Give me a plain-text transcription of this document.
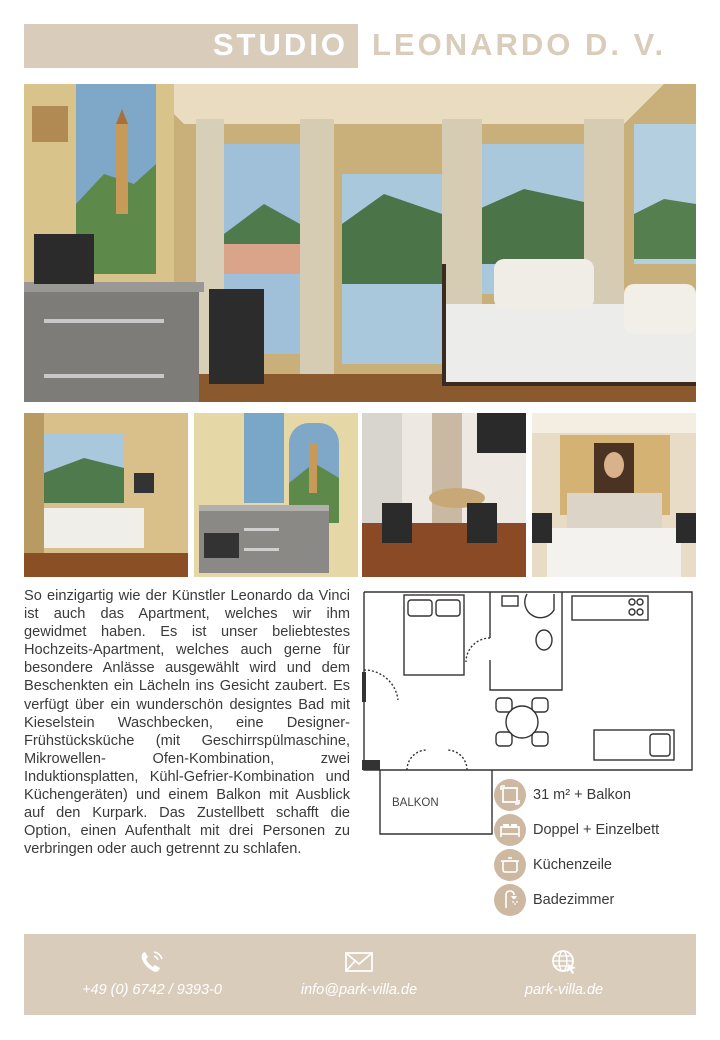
STUDIO LEONARDO D. V.

So einzigartig wie der Künstler Leonardo da Vinci ist auch das Apartment, welches wir ihm gewidmet haben. Es ist unser beliebtestes Hochzeits-Apartment, welches auch gerne für besondere Anlässe ausgewählt wird und dem Beschenkten ein Lächeln ins Gesicht zaubert. Es verfügt über ein wunderschön designtes Bad mit Kieselstein Waschbecken, eine Designer-Frühstücksküche (mit Geschirrspülmaschine, Mikrowellen- Ofen-Kombination, zwei Induktionsplatten, Kühl-Gefrier-Kombination und Küchengeräten) und einem Balkon mit Ausblick auf den Kurpark. Das Zustellbett schafft die Option, einen Aufenthalt mit drei Personen zu verbringen oder auch getrennt zu schlafen.

BALKON	31 m² + Balkon
Doppel + Einzelbett
Küchenzeile
Badezimmer
+49 (0) 6742 / 9393-0	info@park-villa.de	park-villa.de
